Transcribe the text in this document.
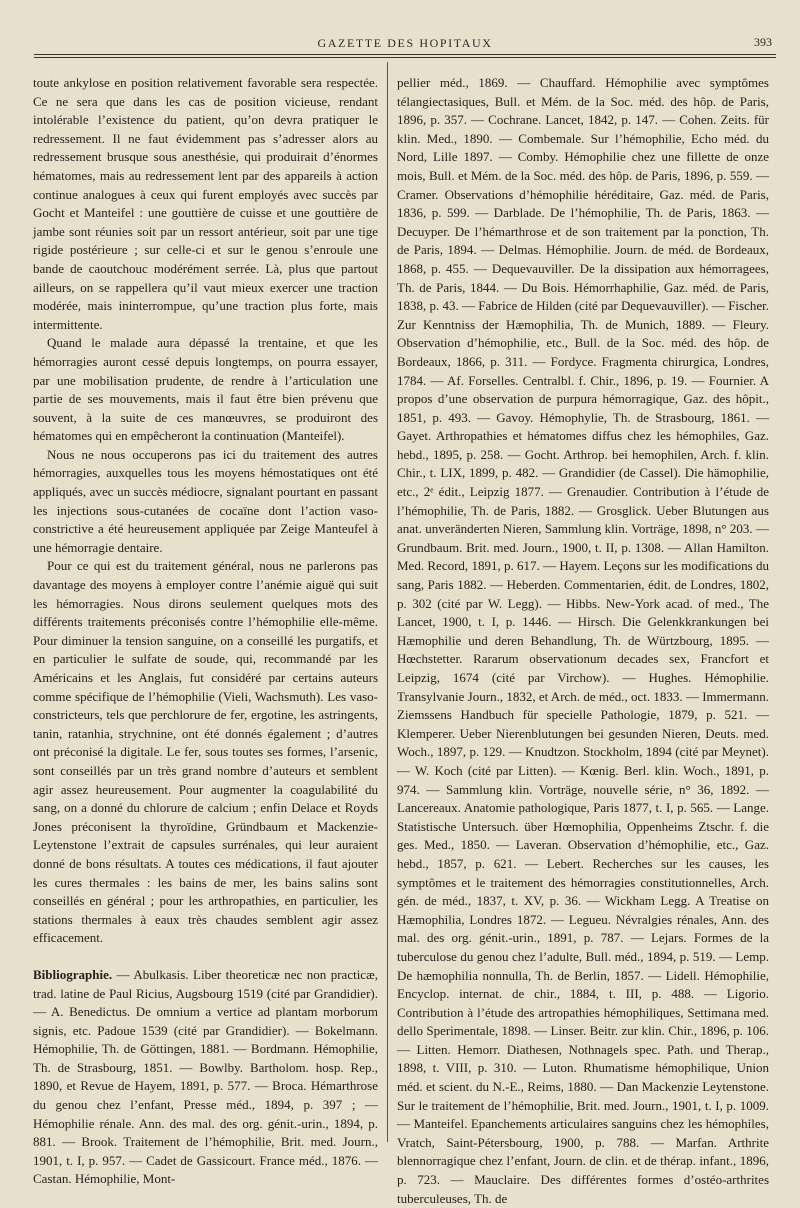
GAZETTE DES HOPITAUX	393

toute ankylose en position relativement favorable sera respectée. Ce ne sera que dans les cas de position vicieuse, rendant intolérable l’existence du patient, qu’on devra pratiquer le redressement. Il ne faut évidemment pas s’adresser alors au redressement brusque sous anesthésie, qui produirait d’énormes hématomes, mais au redressement lent par des appareils à action continue analogues à ceux qui furent employés avec succès par Gocht et Manteifel : une gouttière de cuisse et une gouttière de jambe sont réunies soit par un ressort antérieur, soit par une tige rigide postérieure ; sur celle-ci et sur le genou s’enroule une bande de caoutchouc modérément serrée. Là, plus que partout ailleurs, on se rappellera qu’il vaut mieux exercer une traction modérée, mais ininterrompue, qu’une traction plus forte, mais intermittente.

Quand le malade aura dépassé la trentaine, et que les hémorragies auront cessé depuis longtemps, on pourra essayer, par une mobilisation prudente, de rendre à l’articulation une partie de ses mouvements, mais il faut être bien prévenu que souvent, à la suite de ces manœuvres, se produiront des hématomes qui en empêcheront la continuation (Manteifel).

Nous ne nous occuperons pas ici du traitement des autres hémorragies, auxquelles tous les moyens hémostatiques ont été appliqués, avec un succès médiocre, signalant pourtant en passant les injections sous-cutanées de cocaïne dont l’action vaso-constrictive a été heureusement appliquée par Zeige Manteufel à une hémorragie dentaire.

Pour ce qui est du traitement général, nous ne parlerons pas davantage des moyens à employer contre l’anémie aiguë qui suit les hémorragies. Nous dirons seulement quelques mots des différents traitements préconisés contre l’hémophilie elle-même. Pour diminuer la tension sanguine, on a conseillé les purgatifs, et en particulier le sulfate de soude, qui, recommandé par les Américains et les Anglais, fut considéré par certains auteurs comme spécifique de l’hémophilie (Vieli, Wachsmuth). Les vaso-constricteurs, tels que perchlorure de fer, ergotine, les astringents, tanin, ratanhia, strychnine, ont été donnés également ; d’autres ont préconisé la digitale. Le fer, sous toutes ses formes, l’arsenic, sont conseillés par un très grand nombre d’auteurs et semblent agir assez heureusement. Pour augmenter la coagulabilité du sang, on a donné du chlorure de calcium ; enfin Delace et Royds Jones préconisent la thyroïdine, Gründbaum et Mackenzie-Leytenstone l’extrait de capsules surrénales, qui leur auraient donné de bons résultats. A toutes ces médications, il faut ajouter les cures thermales : les bains de mer, les bains salins sont conseillés en général ; pour les arthropathies, en particulier, les stations thermales à eaux très chaudes semblent agir assez efficacement.

Bibliographie. — Abulkasis. Liber theoreticæ nec non practicæ, trad. latine de Paul Ricius, Augsbourg 1519 (cité par Grandidier). — A. Benedictus. De omnium a vertice ad plantam morborum signis, etc. Padoue 1539 (cité par Grandidier). — Bokelmann. Hémophilie, Th. de Göttingen, 1881. — Bordmann. Hémophilie, Th. de Strasbourg, 1851. — Bowlby. Bartholom. hosp. Rep., 1890, et Revue de Hayem, 1891, p. 577. — Broca. Hémarthrose du genou chez l’enfant, Presse méd., 1894, p. 397 ; — Hémophilie rénale. Ann. des mal. des org. génit.-urin., 1894, p. 881. — Brook. Traitement de l’hémophilie, Brit. med. Journ., 1901, t. I, p. 957. — Cadet de Gassicourt. France méd., 1876. — Castan. Hémophilie, Mont-

pellier méd., 1869. — Chauffard. Hémophilie avec symptômes télangiectasiques, Bull. et Mém. de la Soc. méd. des hôp. de Paris, 1896, p. 357. — Cochrane. Lancet, 1842, p. 147. — Cohen. Zeits. für klin. Med., 1890. — Combemale. Sur l’hémophilie, Echo méd. du Nord, Lille 1897. — Comby. Hémophilie chez une fillette de onze mois, Bull. et Mém. de la Soc. méd. des hôp. de Paris, 1896, p. 559. — Cramer. Observations d’hémophilie héréditaire, Gaz. méd. de Paris, 1836, p. 599. — Darblade. De l’hémophilie, Th. de Paris, 1863. — Decuyper. De l’hémarthrose et de son traitement par la ponction, Th. de Paris, 1894. — Delmas. Hémophilie. Journ. de méd. de Bordeaux, 1868, p. 455. — Dequevauviller. De la dissipation aux hémorragees, Th. de Paris, 1844. — Du Bois. Hémorrhaphilie, Gaz. méd. de Paris, 1838, p. 43. — Fabrice de Hilden (cité par Dequevauviller). — Fischer. Zur Kenntniss der Hæmophilia, Th. de Munich, 1889. — Fleury. Observation d’hémophilie, etc., Bull. de la Soc. méd. des hôp. de Bordeaux, 1866, p. 311. — Fordyce. Fragmenta chirurgica, Londres, 1784. — Af. Forselles. Centralbl. f. Chir., 1896, p. 19. — Fournier. A propos d’une observation de purpura hémorragique, Gaz. des hôpit., 1851, p. 493. — Gavoy. Hémophylie, Th. de Strasbourg, 1861. — Gayet. Arthropathies et hématomes diffus chez les hémophiles, Gaz. hebd., 1895, p. 258. — Gocht. Arthrop. bei hemophilen, Arch. f. klin. Chir., t. LIX, 1899, p. 482. — Grandidier (de Cassel). Die hämophilie, etc., 2ᵉ édit., Leipzig 1877. — Grenaudier. Contribution à l’étude de l’hémophilie, Th. de Paris, 1882. — Grosglick. Ueber Blutungen aus anat. unveränderten Nieren, Sammlung klin. Vorträge, 1898, n° 203. — Grundbaum. Brit. med. Journ., 1900, t. II, p. 1308. — Allan Hamilton. Med. Record, 1891, p. 617. — Hayem. Leçons sur les modifications du sang, Paris 1882. — Heberden. Commentarien, édit. de Londres, 1802, p. 302 (cité par W. Legg). — Hibbs. New-York acad. of med., The Lancet, 1900, t. I, p. 1446. — Hirsch. Die Gelenkkrankungen bei Hæmophilie und deren Behandlung, Th. de Würtzbourg, 1895. — Hœchstetter. Rararum observationum decades sex, Francfort et Leipzig, 1674 (cité par Virchow). — Hughes. Hémophilie. Transylvanie Journ., 1832, et Arch. de méd., oct. 1833. — Immermann. Ziemssens Handbuch für specielle Pathologie, 1879, p. 521. — Klemperer. Ueber Nierenblutungen bei gesunden Nieren, Deuts. med. Woch., 1897, p. 129. — Knudtzon. Stockholm, 1894 (cité par Meynet). — W. Koch (cité par Litten). — Kœnig. Berl. klin. Woch., 1891, p. 974. — Sammlung klin. Vorträge, nouvelle série, n° 36, 1892. — Lancereaux. Anatomie pathologique, Paris 1877, t. I, p. 565. — Lange. Statistische Untersuch. über Hœmophilia, Oppenheims Ztschr. f. die ges. Med., 1850. — Laveran. Observation d’hémophilie, etc., Gaz. hebd., 1857, p. 621. — Lebert. Recherches sur les causes, les symptômes et le traitement des hémorragies constitutionnelles, Arch. gén. de méd., 1837, t. XV, p. 36. — Wickham Legg. A Treatise on Hæmophilia, Londres 1872. — Legueu. Névralgies rénales, Ann. des mal. des org. génit.-urin., 1891, p. 787. — Lejars. Formes de la tuberculose du genou chez l’adulte, Bull. méd., 1894, p. 519. — Lemp. De hæmophilia nonnulla, Th. de Berlin, 1857. — Lidell. Hémophilie, Encyclop. internat. de chir., 1884, t. III, p. 488. — Ligorio. Contribution à l’étude des artropathies hémophiliques, Settimana med. dello Sperimentale, 1898. — Linser. Beitr. zur klin. Chir., 1896, p. 106. — Litten. Hemorr. Diathesen, Nothnagels spec. Path. und Therap., 1898, t. VIII, p. 310. — Luton. Rhumatisme hémophilique, Union méd. et scient. du N.-E., Reims, 1880. — Dan Mackenzie Leytenstone. Sur le traitement de l’hémophilie, Brit. med. Journ., 1901, t. I, p. 1009. — Manteifel. Epanchements articulaires sanguins chez les hémophiles, Vratch, Saint-Pétersbourg, 1900, p. 788. — Marfan. Arthrite blennorragique chez l’enfant, Journ. de clin. et de thérap. infant., 1896, p. 723. — Mauclaire. Des différentes formes d’ostéo-arthrites tuberculeuses, Th. de
